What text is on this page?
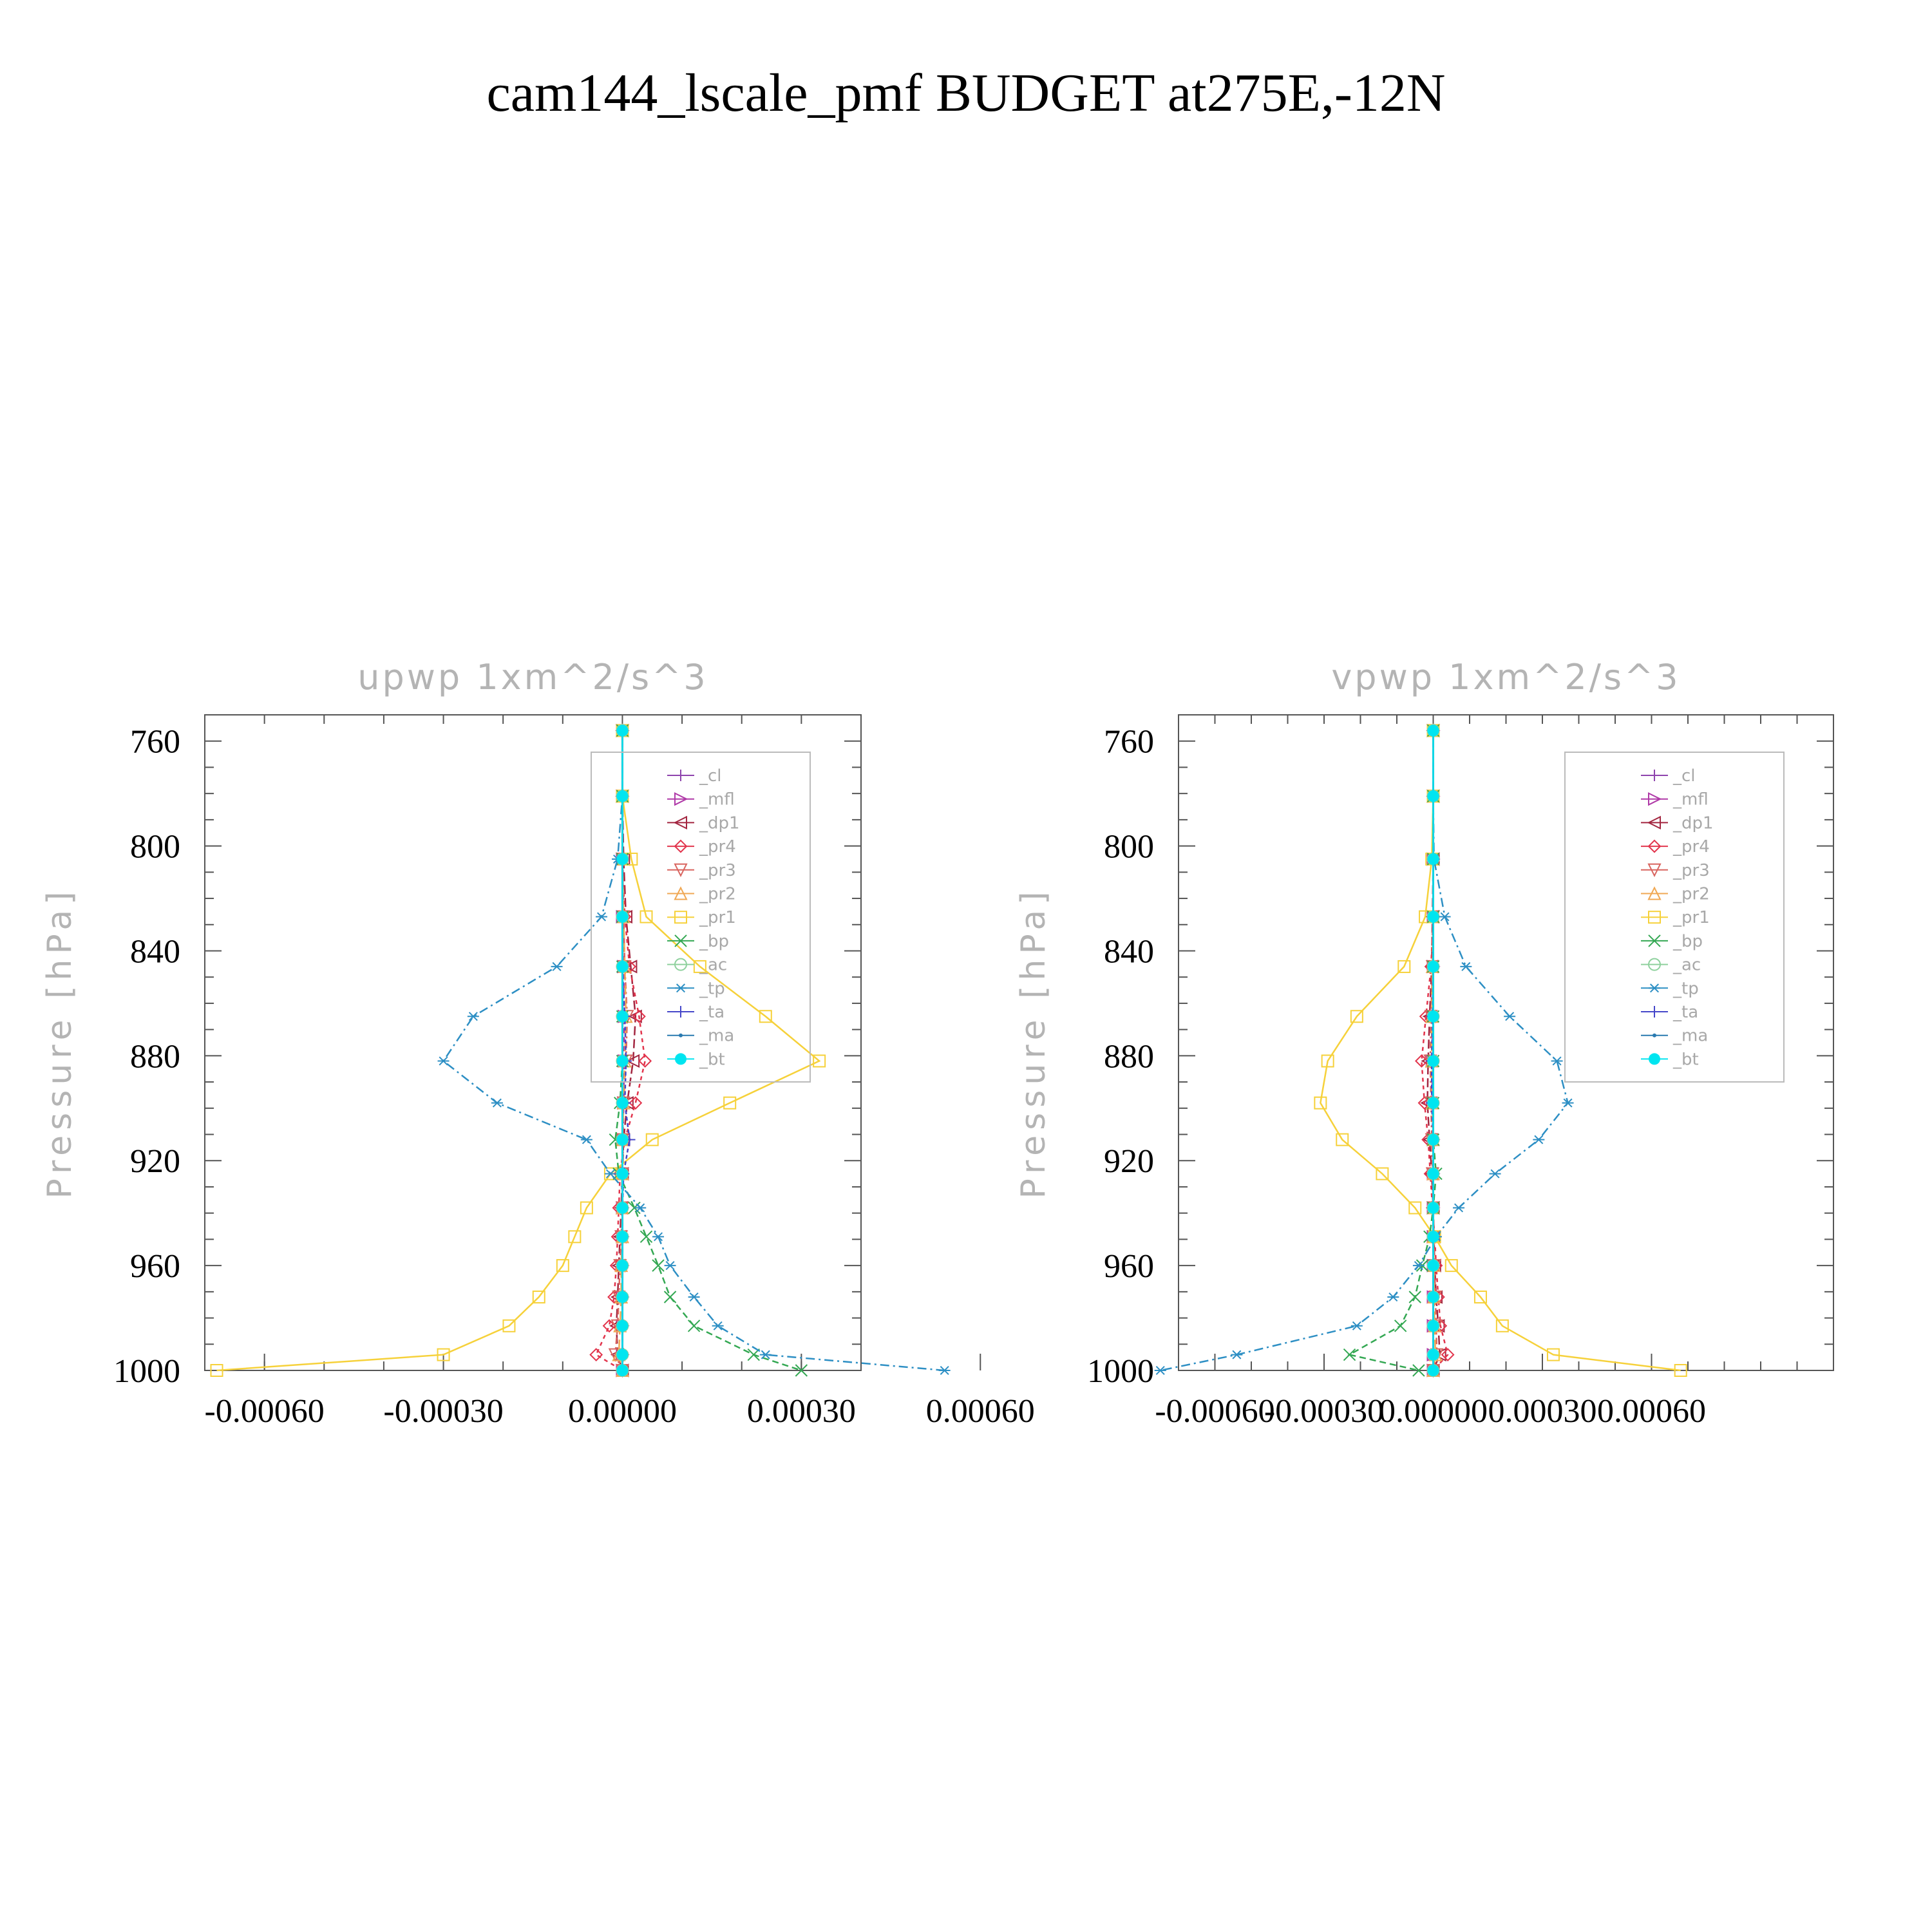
cam144_lscale_pmf BUDGET at275E,-12N
upwp 1xm^2/s^3
Pressure [hPa]
760
800
840
880
920
960
1000
-0.00060 -0.00030 0.00000 0.00030 0.00060
_cl
_mfl
_dp1
_pr4
_pr3
_pr2
_pr1
_bp
_ac
_tp
_ta
_ma
_bt
vpwp 1xm^2/s^3
Pressure [hPa]
760
800
840
880
920
960
1000
-0.00060
-0.00030
0.00000 0.00030 0.00060
_cl
_mfl
_dp1
_pr4
_pr3
_pr2
_pr1
_bp
_ac
_tp
_ta
_ma
_bt
